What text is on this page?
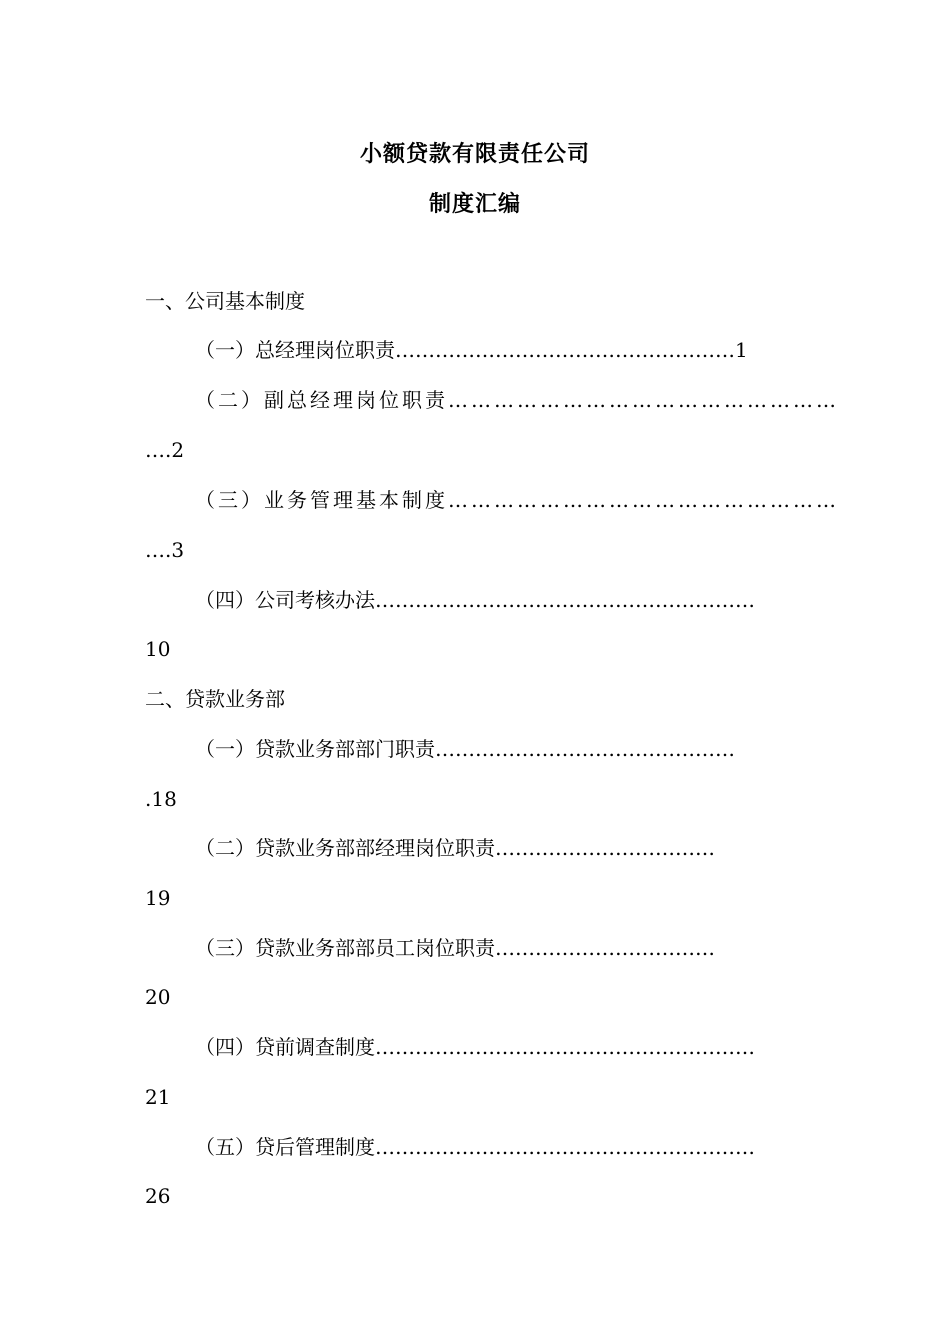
小额贷款有限责任公司
制度汇编
一、公司基本制度
（一）总经理岗位职责……………………………………………1
（二）副总经理岗位职责……………………………………………
….2
（三）业务管理基本制度……………………………………………
….3
（四）公司考核办法…………………………………………………
10
二、贷款业务部
（一）贷款业务部部门职责………………………………………
.18
（二）贷款业务部部经理岗位职责……………………………
19
（三）贷款业务部部员工岗位职责……………………………
20
（四）贷前调查制度…………………………………………………
21
（五）贷后管理制度…………………………………………………
26
